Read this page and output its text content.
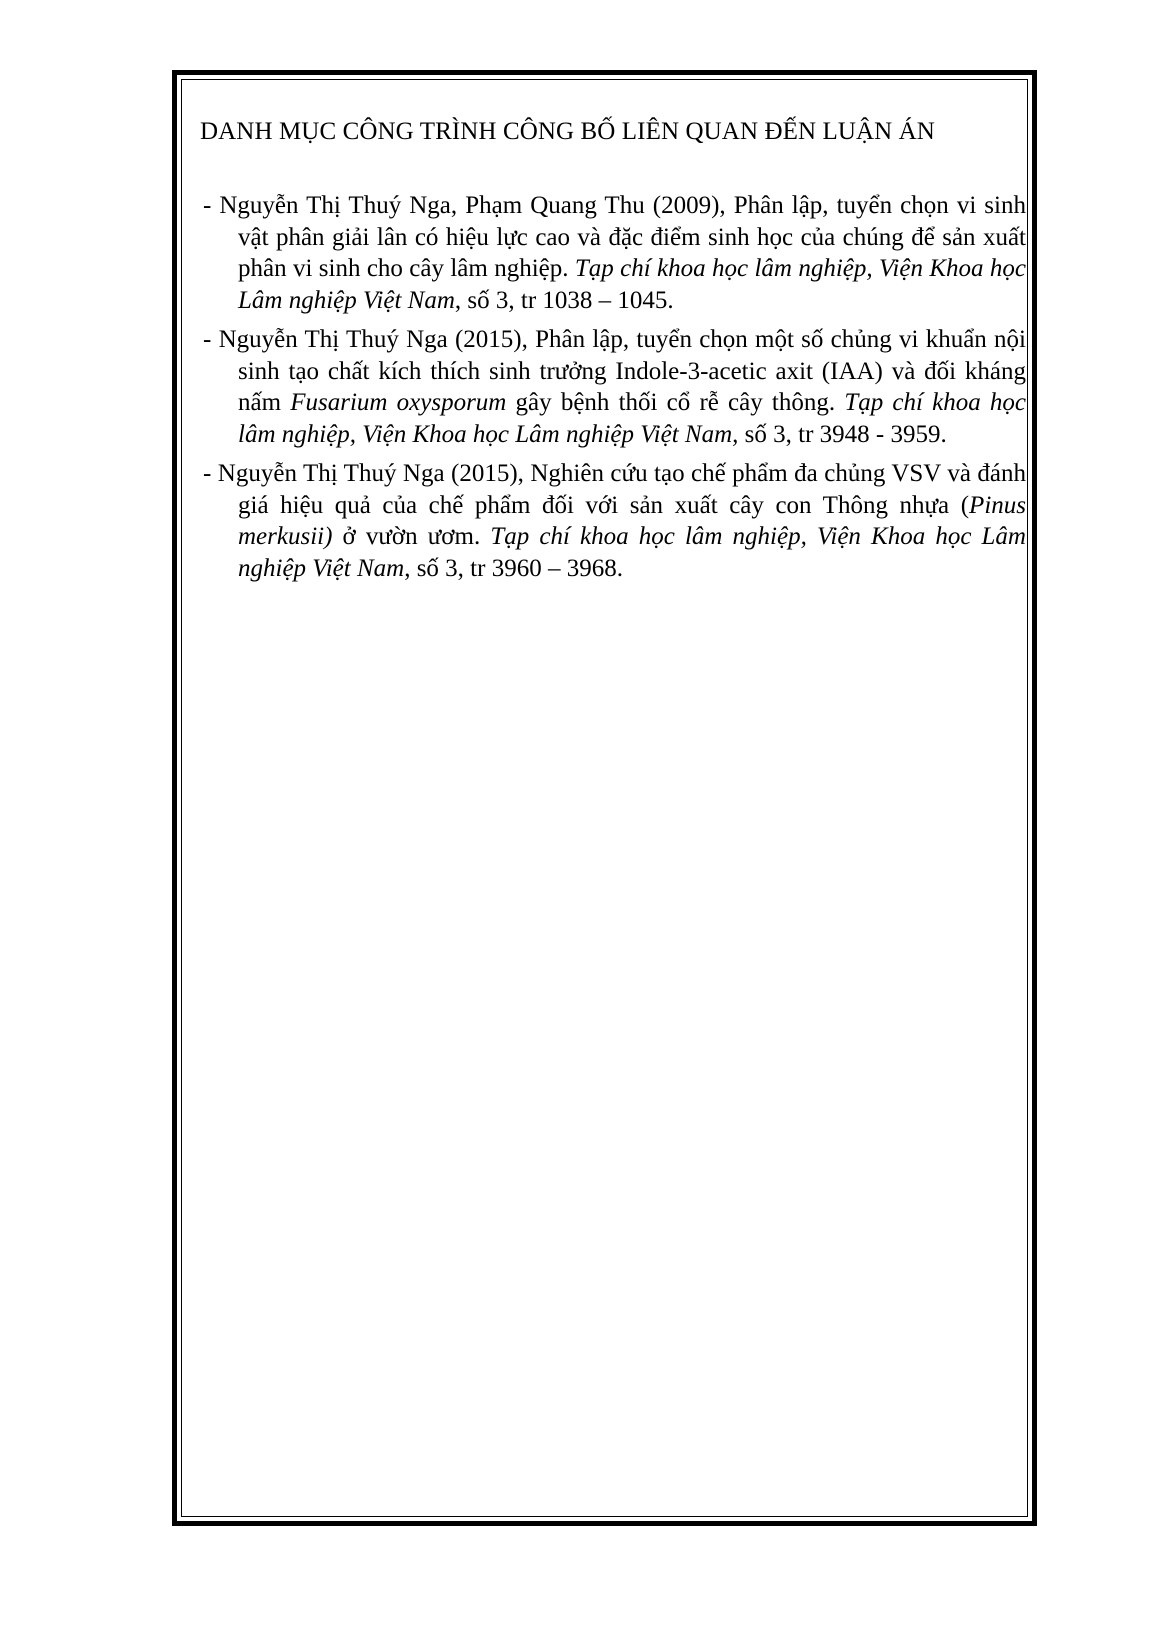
DANH MỤC CÔNG TRÌNH CÔNG BỐ LIÊN QUAN ĐẾN LUẬN ÁN
- Nguyễn Thị Thuý Nga, Phạm Quang Thu (2009), Phân lập, tuyển chọn vi sinh vật phân giải lân có hiệu lực cao và đặc điểm sinh học của chúng để sản xuất phân vi sinh cho cây lâm nghiệp. Tạp chí khoa học lâm nghiệp, Viện Khoa học Lâm nghiệp Việt Nam, số 3, tr 1038 – 1045.
- Nguyễn Thị Thuý Nga (2015), Phân lập, tuyển chọn một số chủng vi khuẩn nội sinh tạo chất kích thích sinh trưởng Indole-3-acetic axit (IAA) và đối kháng nấm Fusarium oxysporum gây bệnh thối cổ rễ cây thông. Tạp chí khoa học lâm nghiệp, Viện Khoa học Lâm nghiệp Việt Nam, số 3, tr 3948 - 3959.
- Nguyễn Thị Thuý Nga (2015), Nghiên cứu tạo chế phẩm đa chủng VSV và đánh giá hiệu quả của chế phẩm đối với sản xuất cây con Thông nhựa (Pinus merkusii) ở vườn ươm. Tạp chí khoa học lâm nghiệp, Viện Khoa học Lâm nghiệp Việt Nam, số 3, tr 3960 – 3968.
